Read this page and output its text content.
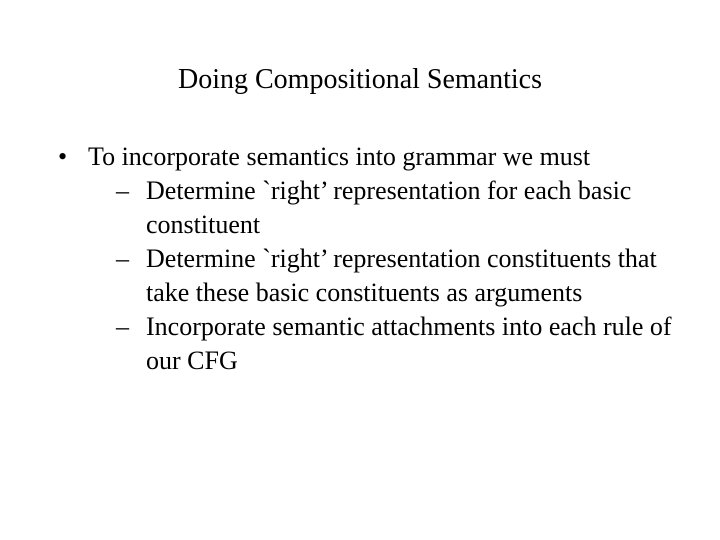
Doing Compositional Semantics
• To incorporate semantics into grammar we must
– Determine `right’ representation for each basic constituent
– Determine `right’ representation constituents that take these basic constituents as arguments
– Incorporate semantic attachments into each rule of our CFG
